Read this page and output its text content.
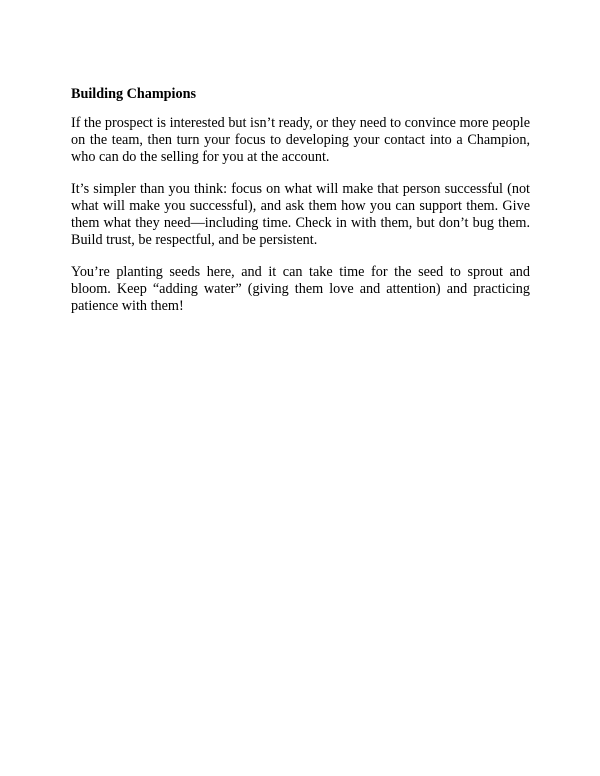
Building Champions

If the prospect is interested but isn’t ready, or they need to convince more people on the team, then turn your focus to developing your contact into a Champion, who can do the selling for you at the account.

It’s simpler than you think: focus on what will make that person successful (not what will make you successful), and ask them how you can support them. Give them what they need—including time. Check in with them, but don’t bug them. Build trust, be respectful, and be persistent.

You’re planting seeds here, and it can take time for the seed to sprout and bloom. Keep “adding water” (giving them love and attention) and practicing patience with them!
